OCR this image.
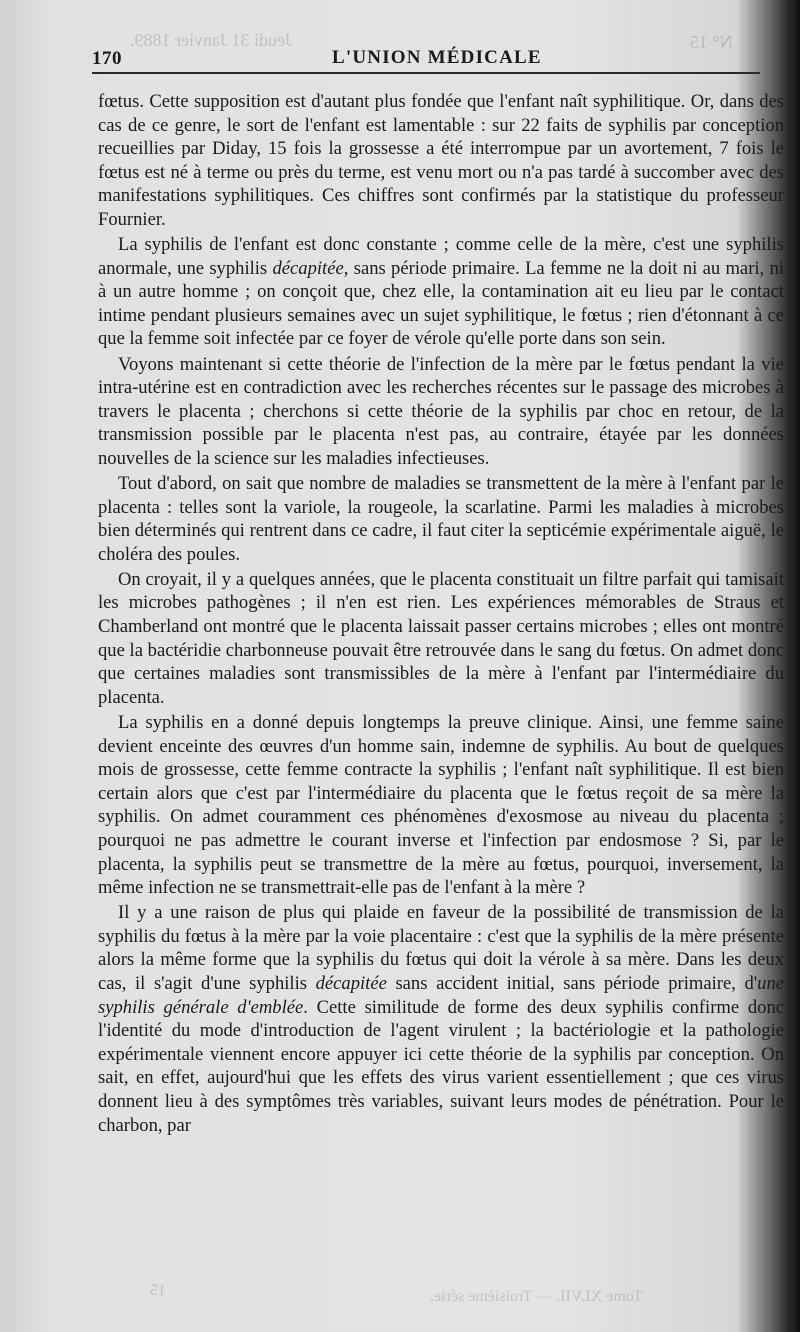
Jeudi 31 Janvier 1889.	N° 15
15	Tome XLVII. — Troisième série.
170	L'UNION MÉDICALE

fœtus. Cette supposition est d'autant plus fondée que l'enfant naît syphilitique. Or, dans des cas de ce genre, le sort de l'enfant est lamentable : sur 22 faits de syphilis par conception recueillies par Diday, 15 fois la grossesse a été interrompue par un avortement, 7 fois le fœtus est né à terme ou près du terme, est venu mort ou n'a pas tardé à succomber avec des manifestations syphilitiques. Ces chiffres sont confirmés par la statistique du professeur Fournier.

La syphilis de l'enfant est donc constante ; comme celle de la mère, c'est une syphilis anormale, une syphilis décapitée, sans période primaire. La femme ne la doit ni au mari, ni à un autre homme ; on conçoit que, chez elle, la contamination ait eu lieu par le contact intime pendant plusieurs semaines avec un sujet syphilitique, le fœtus ; rien d'étonnant à ce que la femme soit infectée par ce foyer de vérole qu'elle porte dans son sein.

Voyons maintenant si cette théorie de l'infection de la mère par le fœtus pendant la vie intra-utérine est en contradiction avec les recherches récentes sur le passage des microbes à travers le placenta ; cherchons si cette théorie de la syphilis par choc en retour, de la transmission possible par le placenta n'est pas, au contraire, étayée par les données nouvelles de la science sur les maladies infectieuses.

Tout d'abord, on sait que nombre de maladies se transmettent de la mère à l'enfant par le placenta : telles sont la variole, la rougeole, la scarlatine. Parmi les maladies à microbes bien déterminés qui rentrent dans ce cadre, il faut citer la septicémie expérimentale aiguë, le choléra des poules.

On croyait, il y a quelques années, que le placenta constituait un filtre parfait qui tamisait les microbes pathogènes ; il n'en est rien. Les expériences mémorables de Straus et Chamberland ont montré que le placenta laissait passer certains microbes ; elles ont montré que la bactéridie charbonneuse pouvait être retrouvée dans le sang du fœtus. On admet donc que certaines maladies sont transmissibles de la mère à l'enfant par l'intermédiaire du placenta.

La syphilis en a donné depuis longtemps la preuve clinique. Ainsi, une femme saine devient enceinte des œuvres d'un homme sain, indemne de syphilis. Au bout de quelques mois de grossesse, cette femme contracte la syphilis ; l'enfant naît syphilitique. Il est bien certain alors que c'est par l'intermédiaire du placenta que le fœtus reçoit de sa mère la syphilis. On admet couramment ces phénomènes d'exosmose au niveau du placenta ; pourquoi ne pas admettre le courant inverse et l'infection par endosmose ? Si, par le placenta, la syphilis peut se transmettre de la mère au fœtus, pourquoi, inversement, la même infection ne se transmettrait-elle pas de l'enfant à la mère ?

Il y a une raison de plus qui plaide en faveur de la possibilité de transmission de la syphilis du fœtus à la mère par la voie placentaire : c'est que la syphilis de la mère présente alors la même forme que la syphilis du fœtus qui doit la vérole à sa mère. Dans les deux cas, il s'agit d'une syphilis décapitée sans accident initial, sans période primaire, d'une syphilis générale d'emblée. Cette similitude de forme des deux syphilis confirme donc l'identité du mode d'introduction de l'agent virulent ; la bactériologie et la pathologie expérimentale viennent encore appuyer ici cette théorie de la syphilis par conception. On sait, en effet, aujourd'hui que les effets des virus varient essentiellement ; que ces virus donnent lieu à des symptômes très variables, suivant leurs modes de pénétration. Pour le charbon, par
